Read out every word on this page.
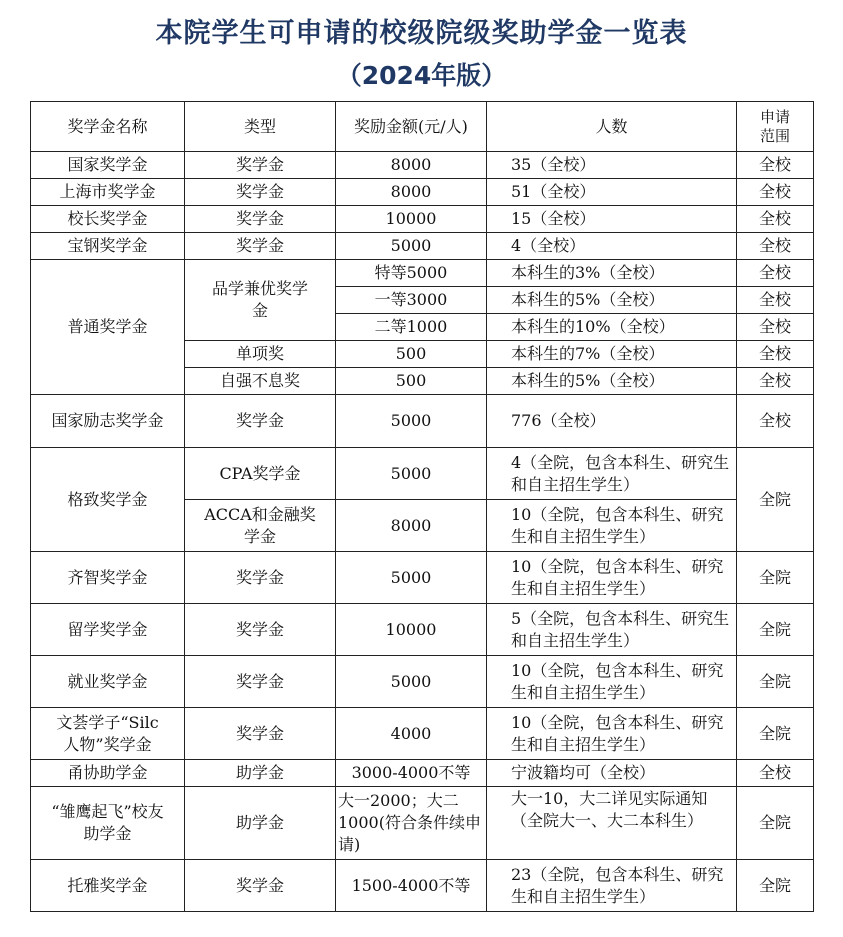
本院学生可申请的校级院级奖助学金一览表
（2024年版）
奖学金名称	类型	奖励金额(元/人)	人数	申请
范围

国家奖学金	奖学金	8000	35（全校）	全校
上海市奖学金	奖学金	8000	51（全校）	全校
校长奖学金	奖学金	10000	15（全校）	全校
宝钢奖学金	奖学金	5000	4（全校）	全校
普通奖学金	品学兼优奖学金	特等5000	本科生的3%（全校）	全校
		一等3000	本科生的5%（全校）	全校
		二等1000	本科生的10%（全校）	全校
	单项奖	500	本科生的7%（全校）	全校
	自强不息奖	500	本科生的5%（全校）	全校
国家励志奖学金	奖学金	5000	776（全校）	全校
格致奖学金	CPA奖学金	5000	4（全院，包含本科生、研究生和自主招生学生）	全院
	ACCA和金融奖学金	8000	10（全院，包含本科生、研究生和自主招生学生）	
齐智奖学金	奖学金	5000	10（全院，包含本科生、研究生和自主招生学生）	全院
留学奖学金	奖学金	10000	5（全院，包含本科生、研究生和自主招生学生）	全院
就业奖学金	奖学金	5000	10（全院，包含本科生、研究生和自主招生学生）	全院
文荟学子“Silc人物”奖学金	奖学金	4000	10（全院，包含本科生、研究生和自主招生学生）	全院
甬协助学金	助学金	3000-4000不等	宁波籍均可（全校）	全校
“雏鹰起飞”校友助学金	助学金	大一2000；大二1000(符合条件续申请)	大一10，大二详见实际通知（全院大一、大二本科生）	全院
托雅奖学金	奖学金	1500-4000不等	23（全院，包含本科生、研究生和自主招生学生）	全院
